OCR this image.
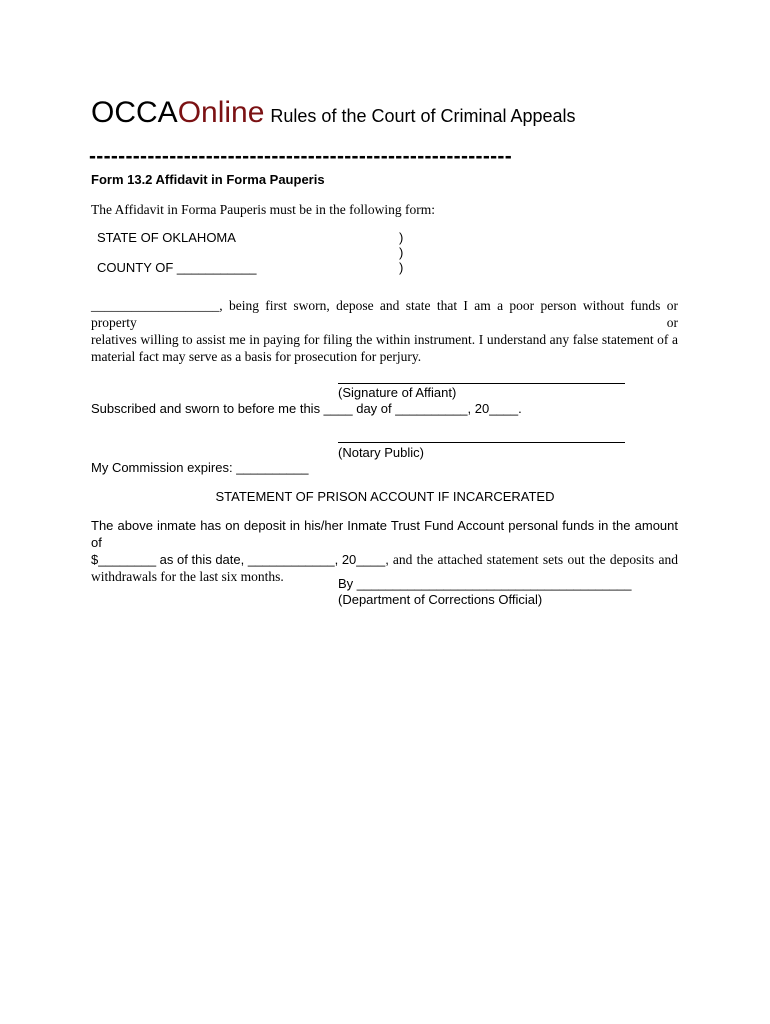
OCCAOnline Rules of the Court of Criminal Appeals
----------------------------------------------------------
Form 13.2 Affidavit in Forma Pauperis
The Affidavit in Forma Pauperis must be in the following form:
STATE OF OKLAHOMA
COUNTY OF ___________
)
)
)
___________________, being first sworn, depose and state that I am a poor person without funds or property or
relatives willing to assist me in paying for filing the within instrument. I understand any false statement of a
material fact may serve as a basis for prosecution for perjury.
(Signature of Affiant)
Subscribed and sworn to before me this ____ day of __________, 20____.
(Notary Public)
My Commission expires: __________
STATEMENT OF PRISON ACCOUNT IF INCARCERATED
The above inmate has on deposit in his/her Inmate Trust Fund Account personal funds in the amount of
$________ as of this date, ____________, 20____, and the attached statement sets out the deposits and
withdrawals for the last six months.	By ______________________________________
(Department of Corrections Official)
